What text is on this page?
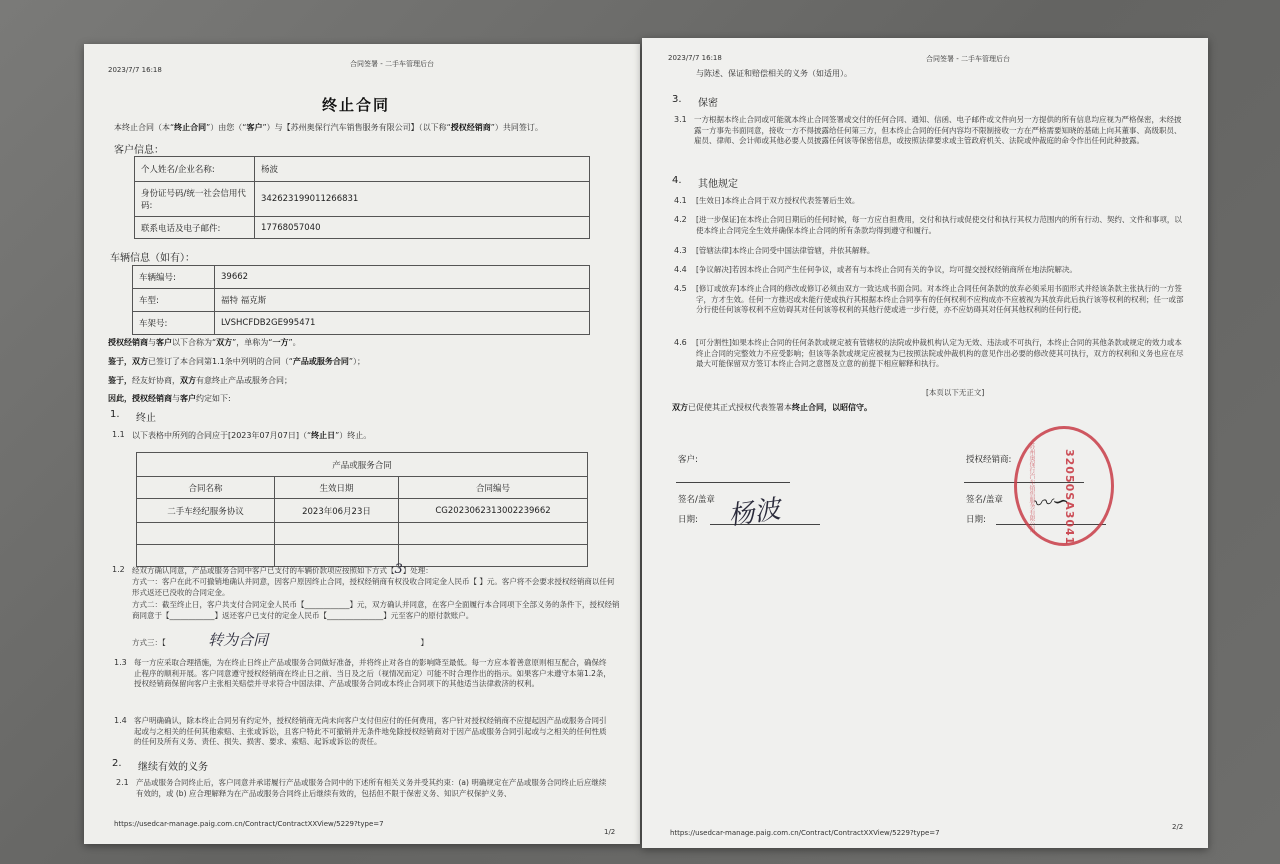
2023/7/7 16:18
合同签署 - 二手车管理后台
终止合同
本终止合同（本“终止合同”）由您（“客户”）与【苏州奥保行汽车销售服务有限公司】（以下称“授权经销商”）共同签订。
客户信息：
个人姓名/企业名称:	杨波
身份证号码/统一社会信用代码:	342623199011266831
联系电话及电子邮件:	17768057040
车辆信息（如有）：
车辆编号:	39662
车型:	福特 福克斯
车架号:	LVSHCFDB2GE995471
授权经销商与客户以下合称为“双方”，单称为“一方”。
鉴于，双方已签订了本合同第1.1条中列明的合同（“产品或服务合同”）；
鉴于，经友好协商，双方有意终止产品或服务合同；
因此，授权经销商与客户约定如下:
1. 终止
1.1 以下表格中所列的合同应于[2023年07月07日]（“终止日”）终止。
产品或服务合同		
合同名称	生效日期	合同编号
二手车经纪服务协议	2023年06月23日	CG2023062313002239662

1.2 经双方确认同意，产品或服务合同中客户已支付的车辆价款项应按照如下方式【3】处理：
方式一：客户在此不可撤销地确认并同意，因客户原因终止合同，授权经销商有权没收合同定金人民币【 】元。客户将不会要求授权经销商以任何形式返还已没收的合同定金。
方式二：截至终止日，客户共支付合同定金人民币【____________】元，双方确认并同意，在客户全面履行本合同项下全部义务的条件下，授权经销商同意于【____________】返还客户已支付的定金人民币【_______________】元至客户的原付款账户。
方式三：【	转为合同	】
1.3 每一方应采取合理措施，为在终止日终止产品或服务合同做好准备，并将终止对各自的影响降至最低。每一方应本着善意原则相互配合，确保终止程序的顺利开展。客户同意遵守授权经销商在终止日之前、当日及之后（视情况而定）可能不时合理作出的指示。如果客户未遵守本第1.2条，授权经销商保留向客户主张相关赔偿并寻求符合中国法律、产品或服务合同或本终止合同项下的其他适当法律救济的权利。
1.4 客户明确确认，除本终止合同另有约定外，授权经销商无尚未向客户支付但应付的任何费用，客户针对授权经销商不应提起因产品或服务合同引起或与之相关的任何其他索赔、主张或诉讼，且客户特此不可撤销并无条件地免除授权经销商对于因产品或服务合同引起或与之相关的任何性质的任何及所有义务、责任、损失、损害、要求、索赔、起诉或诉讼的责任。
2. 继续有效的义务
2.1 产品或服务合同终止后，客户同意并承诺履行产品或服务合同中的下述所有相关义务并受其约束：(a) 明确规定在产品或服务合同终止后应继续有效的，或 (b) 应合理解释为在产品或服务合同终止后继续有效的，包括但不限于保密义务、知识产权保护义务、
https://usedcar-manage.paig.com.cn/Contract/ContractXXView/5229?type=7
1/2
2023/7/7 16:18	合同签署 - 二手车管理后台
与陈述、保证和赔偿相关的义务（如适用）。
3. 保密
3.1 一方根据本终止合同或可能就本终止合同签署或交付的任何合同、通知、信函、电子邮件或文件向另一方提供的所有信息均应视为严格保密，未经披露一方事先书面同意，接收一方不得披露给任何第三方，但本终止合同的任何内容均不限制接收一方在严格需要知晓的基础上向其董事、高级职员、雇员、律师、会计师或其他必要人员披露任何该等保密信息，或按照法律要求或主管政府机关、法院或仲裁庭的命令作出任何此种披露。
4. 其他规定
4.1 [生效日]本终止合同于双方授权代表签署后生效。
4.2 [进一步保证]在本终止合同日期后的任何时候，每一方应自担费用，交付和执行或促使交付和执行其权力范围内的所有行动、契约、文件和事项，以使本终止合同完全生效并确保本终止合同的所有条款均得到遵守和履行。
4.3 [管辖法律]本终止合同受中国法律管辖，并依其解释。
4.4 [争议解决]若因本终止合同产生任何争议，或者有与本终止合同有关的争议，均可提交授权经销商所在地法院解决。
4.5 [修订或放弃]本终止合同的修改或修订必须由双方一致达成书面合同。对本终止合同任何条款的放弃必须采用书面形式并经该条款主张执行的一方签字，方才生效。任何一方推迟或未能行使或执行其根据本终止合同享有的任何权利不应构成亦不应被视为其放弃此后执行该等权利的权利；任一或部分行使任何该等权利不应妨碍其对任何该等权利的其他行使或进一步行使，亦不应妨碍其对任何其他权利的任何行使。
4.6 [可分割性]如果本终止合同的任何条款或规定被有管辖权的法院或仲裁机构认定为无效、违法或不可执行，本终止合同的其他条款或规定的效力或本终止合同的完整效力不应受影响；但该等条款或规定应被视为已按照法院或仲裁机构的意见作出必要的修改使其可执行，双方的权利和义务也应在尽最大可能保留双方签订本终止合同之意图及立意的前提下相应解释和执行。
[本页以下无正文]
双方已促使其正式授权代表签署本终止合同，以昭信守。
客户:
签名/盖章
日期: 杨波
授权经销商:
签名/盖章
日期:	32050SA3041
苏州奥保行汽车销售服务有限公司
〰∽
https://usedcar-manage.paig.com.cn/Contract/ContractXXView/5229?type=7
2/2
